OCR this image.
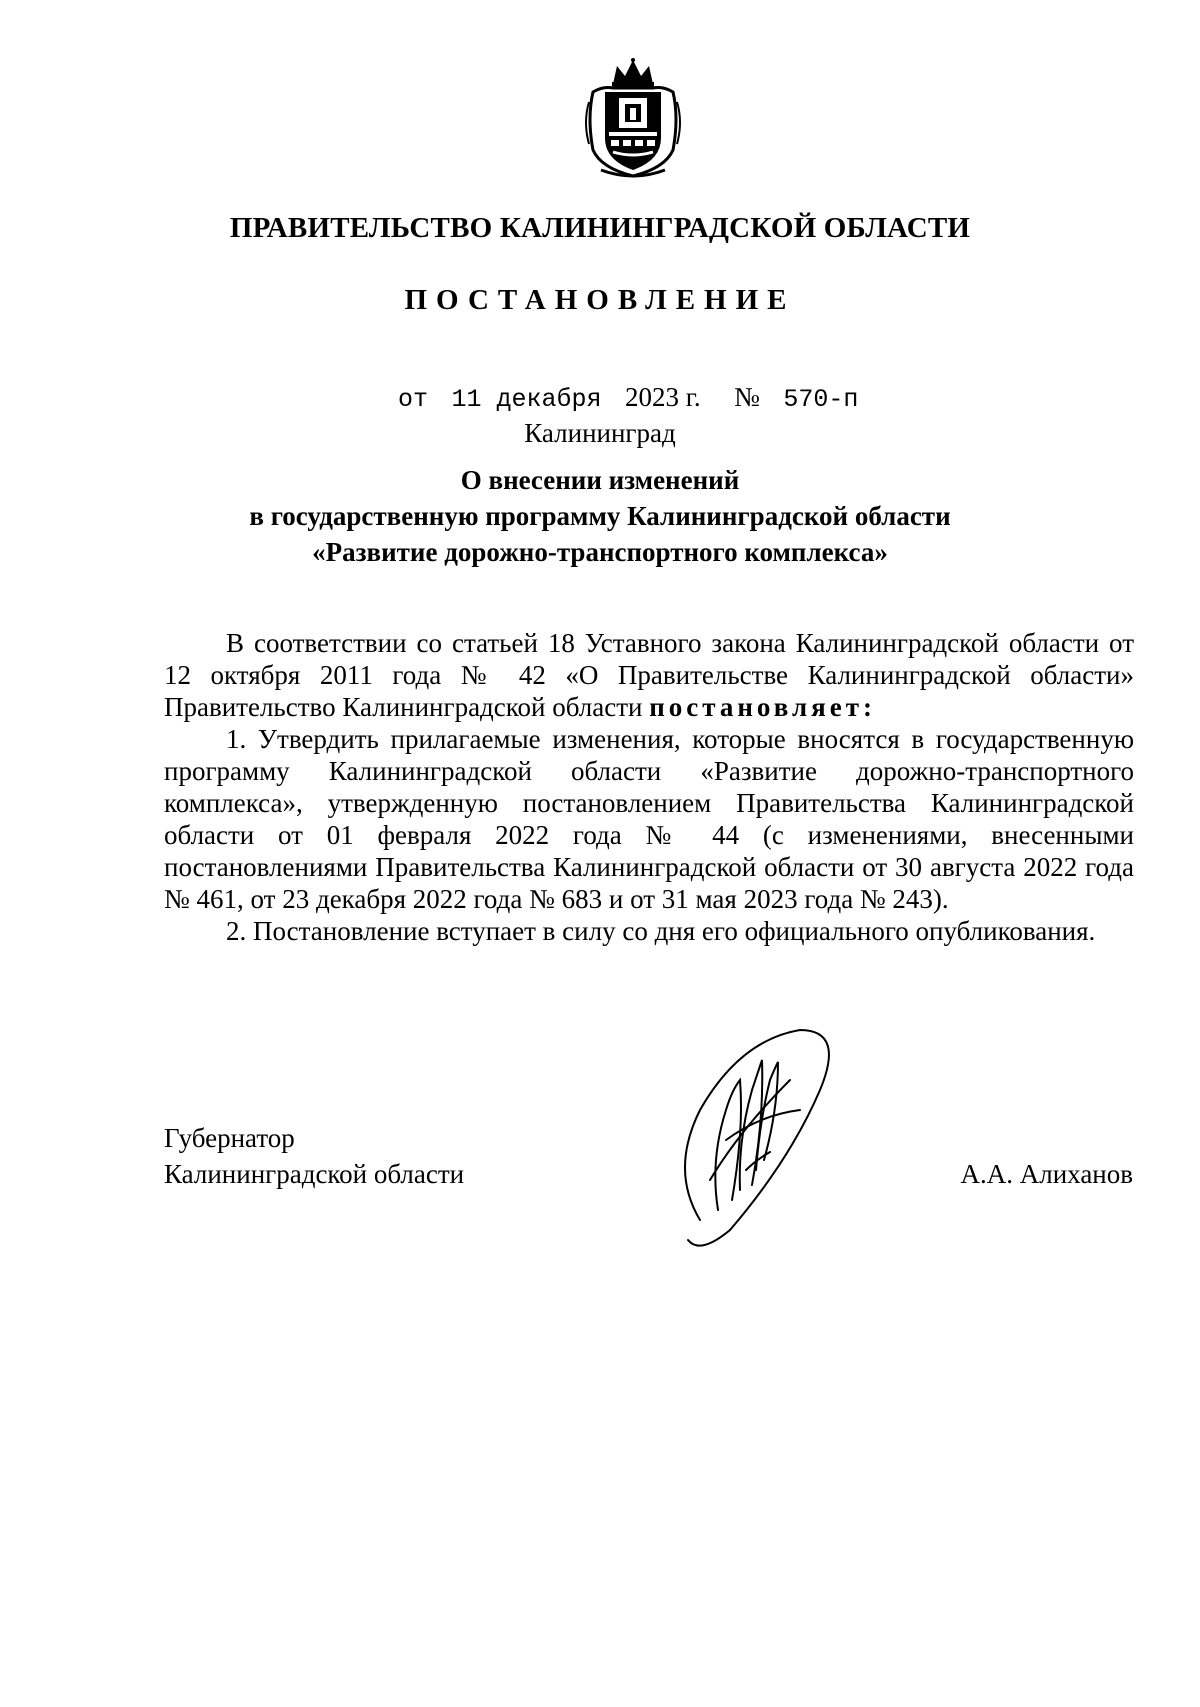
ПРАВИТЕЛЬСТВО КАЛИНИНГРАДСКОЙ ОБЛАСТИ
ПОСТАНОВЛЕНИЕ
от 11 декабря 2023 г. № 570-п
Калининград
О внесении изменений
в государственную программу Калининградской области
«Развитие дорожно-транспортного комплекса»

В соответствии со статьей 18 Уставного закона Калининградской области от 12 октября 2011 года № 42 «О Правительстве Калининградской области» Правительство Калининградской области постановляет:

1. Утвердить прилагаемые изменения, которые вносятся в государственную программу Калининградской области «Развитие дорожно-транспортного комплекса», утвержденную постановлением Правительства Калининградской области от 01 февраля 2022 года № 44 (с изменениями, внесенными постановлениями Правительства Калининградской области от 30 августа 2022 года № 461, от 23 декабря 2022 года № 683 и от 31 мая 2023 года № 243).

2. Постановление вступает в силу со дня его официального опубликования.

Губернатор
Калининградской области	А.А. Алиханов
